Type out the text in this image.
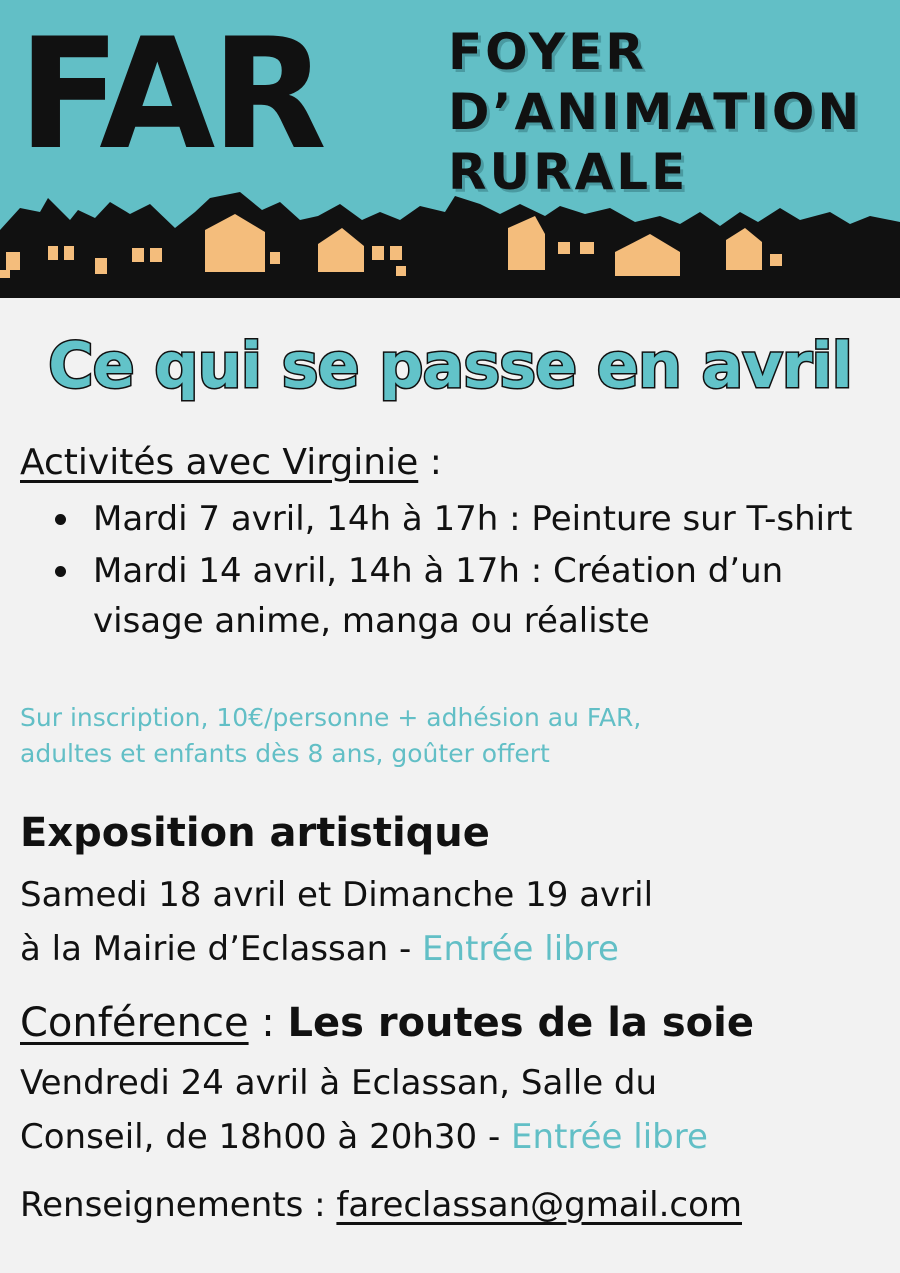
FAR	FOYER
D’ANIMATION
RURALE
Ce qui se passe en avril
Activités avec Virginie :
Mardi 7 avril, 14h à 17h : Peinture sur T-shirt
Mardi 14 avril, 14h à 17h : Création d’un visage anime, manga ou réaliste
Sur inscription, 10€/personne + adhésion au FAR,
adultes et enfants dès 8 ans, goûter offert
Exposition artistique
Samedi 18 avril et Dimanche 19 avril
à la Mairie d’Eclassan - Entrée libre
Conférence : Les routes de la soie
Vendredi 24 avril à Eclassan, Salle du
Conseil, de 18h00 à 20h30 - Entrée libre
Renseignements : fareclassan@gmail.com
